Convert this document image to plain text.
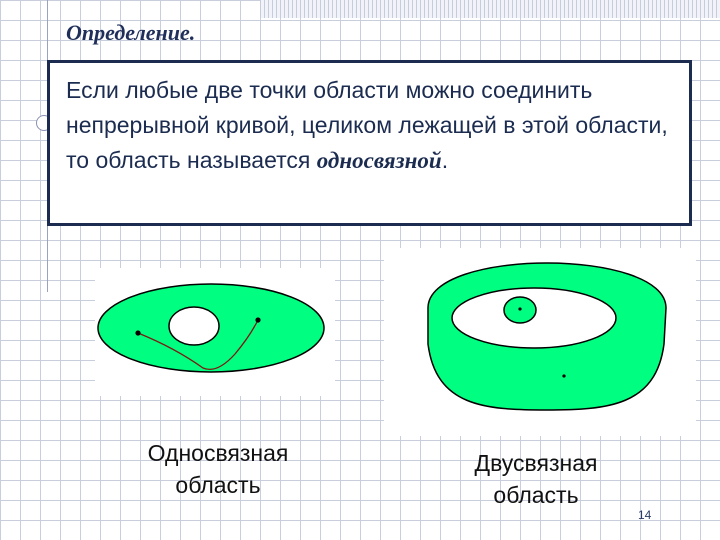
Определение.

Если любые две точки области можно соединить непрерывной кривой, целиком лежащей в этой области, то область называется односвязной.

Односвязная
область

Двусвязная
область

14
